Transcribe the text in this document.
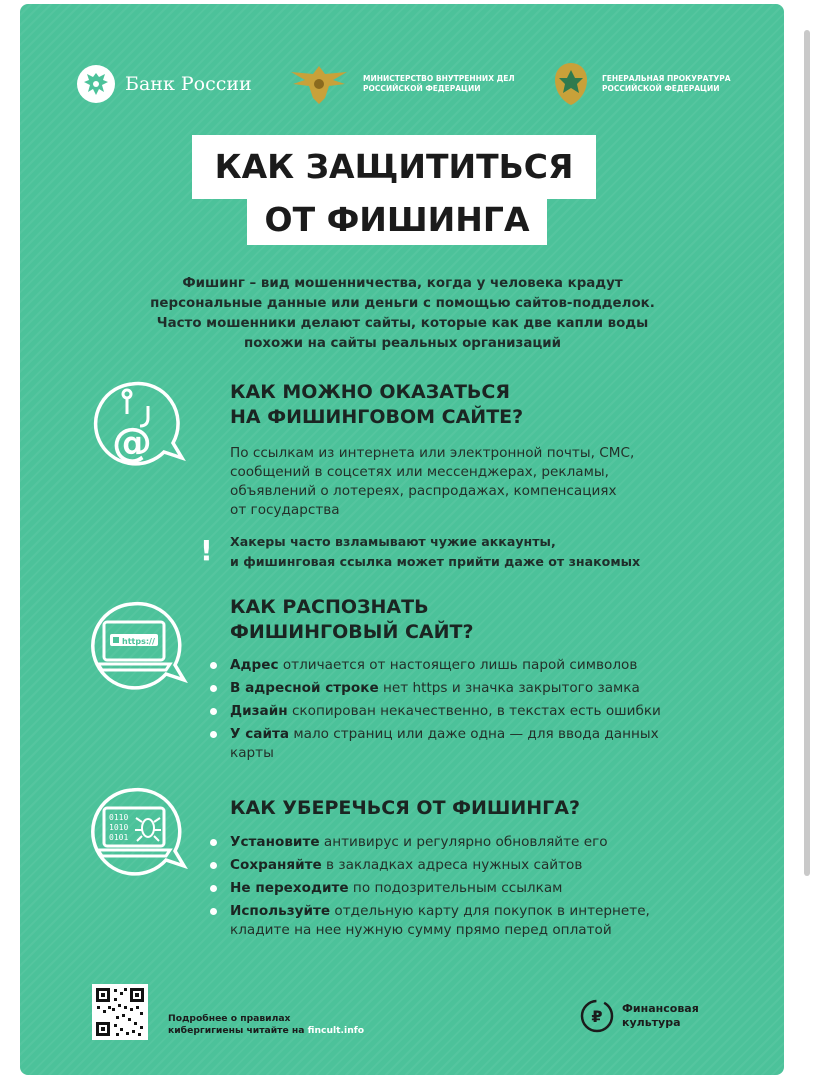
Банк России	МИНИСТЕРСТВО ВНУТРЕННИХ ДЕЛ
РОССИЙСКОЙ ФЕДЕРАЦИИ
ГЕНЕРАЛЬНАЯ ПРОКУРАТУРА
РОССИЙСКОЙ ФЕДЕРАЦИИ
КАК ЗАЩИТИТЬСЯ
ОТ ФИШИНГА
Фишинг – вид мошенничества, когда у человека крадут
персональные данные или деньги с помощью сайтов-подделок.
Часто мошенники делают сайты, которые как две капли воды
похожи на сайты реальных организаций
@
КАК МОЖНО ОКАЗАТЬСЯ
НА ФИШИНГОВОМ САЙТЕ?
По ссылкам из интернета или электронной почты, СМС,
сообщений в соцсетях или мессенджерах, рекламы,
объявлений о лотереях, распродажах, компенсациях
от государства
! Хакеры часто взламывают чужие аккаунты,
и фишинговая ссылка может прийти даже от знакомых
https://
КАК РАСПОЗНАТЬ
ФИШИНГОВЫЙ САЙТ?
Адрес отличается от настоящего лишь парой символов
В адресной строке нет https и значка закрытого замка
Дизайн скопирован некачественно, в текстах есть ошибки
У сайта мало страниц или даже одна — для ввода данных карты
0110
1010
0101
КАК УБЕРЕЧЬСЯ ОТ ФИШИНГА?
Установите антивирус и регулярно обновляйте его
Сохраняйте в закладках адреса нужных сайтов
Не переходите по подозрительным ссылкам
Используйте отдельную карту для покупок в интернете, кладите на нее нужную сумму прямо перед оплатой
Подробнее о правилах
кибергигиены читайте на fincult.info
₽ Финансовая
культура
